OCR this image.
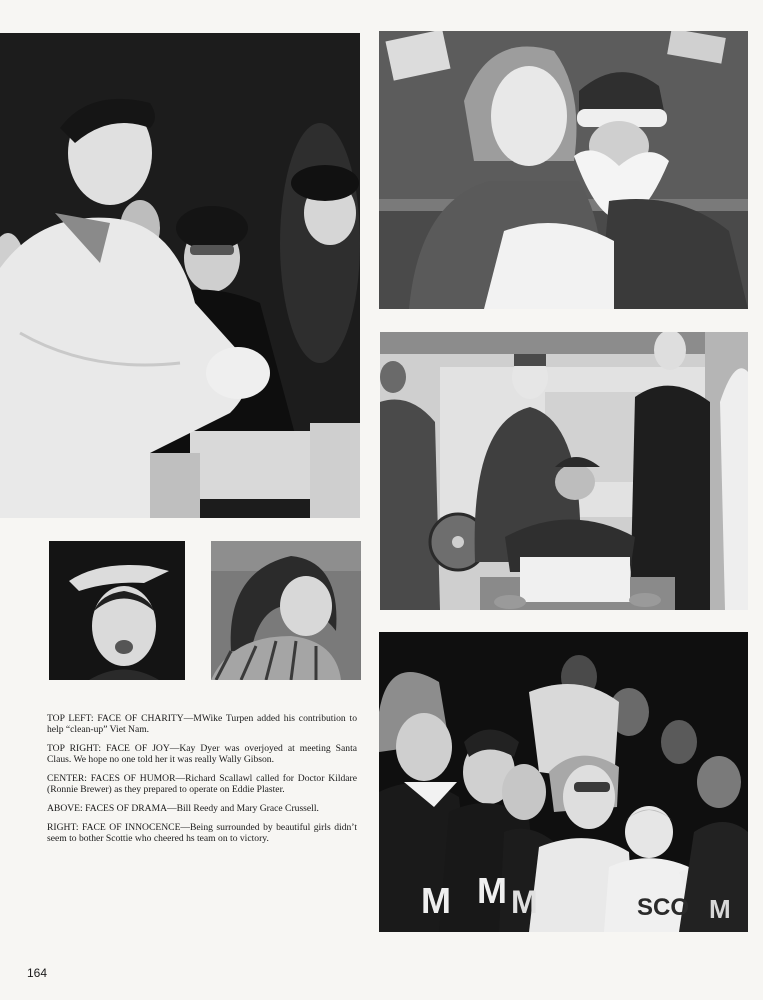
M M M	M
SCO

TOP LEFT: FACE OF CHARITY—MWike Turpen added his contribution to help “clean-up” Viet Nam.

TOP RIGHT: FACE OF JOY—Kay Dyer was overjoyed at meeting Santa Claus. We hope no one told her it was really Wally Gibson.

CENTER: FACES OF HUMOR—Richard Scallawl called for Doctor Kildare (Ronnie Brewer) as they prepared to operate on Eddie Plaster.

ABOVE: FACES OF DRAMA—Bill Reedy and Mary Grace Crussell.

RIGHT: FACE OF INNOCENCE—Being surrounded by beautiful girls didn’t seem to bother Scottie who cheered hs team on to victory.

164
